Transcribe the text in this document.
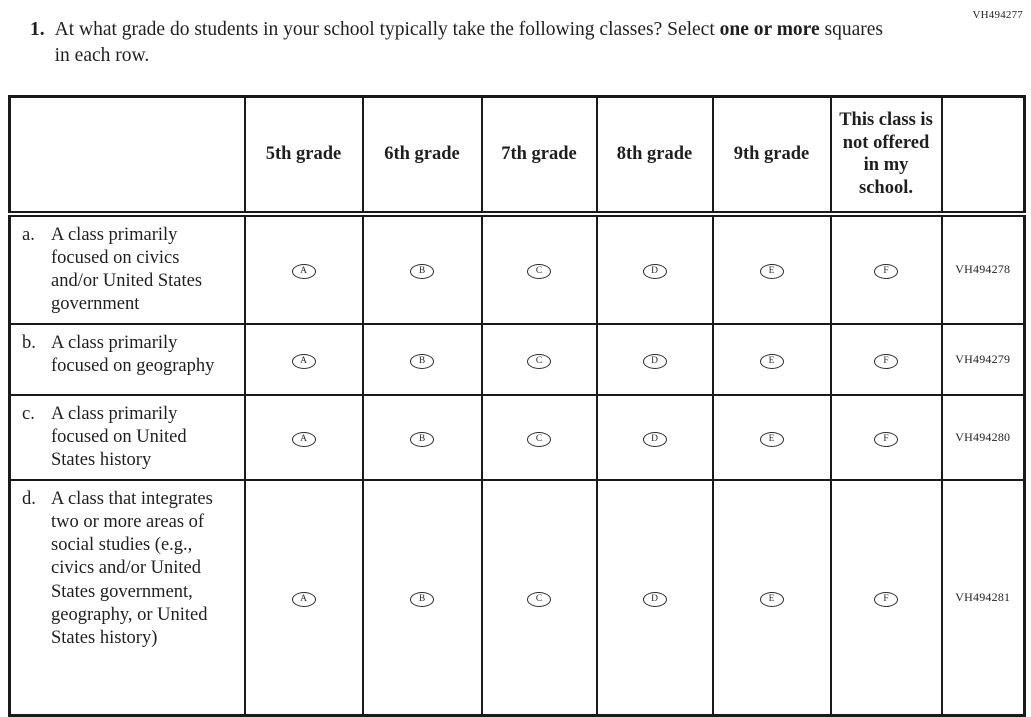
VH494277
1. At what grade do students in your school typically take the following classes? Select one or more squares in each row.
	5th grade	6th grade	7th grade	8th grade	9th grade	This class is not offered in my school.	

a. A class primarily focused on civics and/or United States government	A	B	C	D	E	F	VH494278

b. A class primarily focused on geography	A	B	C	D	E	F	VH494279

c. A class primarily focused on United States history	A	B	C	D	E	F	VH494280

d. A class that integrates two or more areas of social studies (e.g., civics and/or United States government, geography, or United States history)	A	B	C	D	E	F	VH494281
